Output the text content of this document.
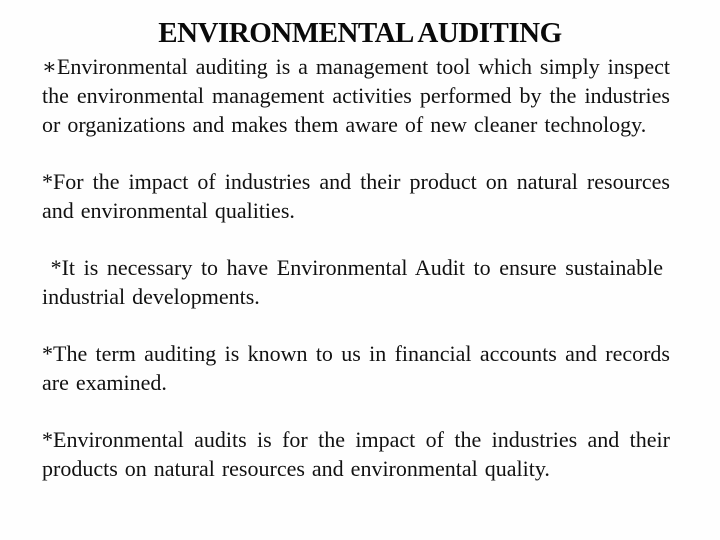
ENVIRONMENTAL AUDITING

∗Environmental auditing is a management tool which simply inspect the environmental management activities performed by the industries or organizations and makes them aware of new cleaner technology.

*For the impact of industries and their product on natural resources and environmental qualities.

*It is necessary to have Environmental Audit to ensure sustainable  industrial developments.

*The term auditing is known to us in financial accounts and records are examined.

*Environmental audits is for the impact of the industries and their products on natural resources and environmental quality.
